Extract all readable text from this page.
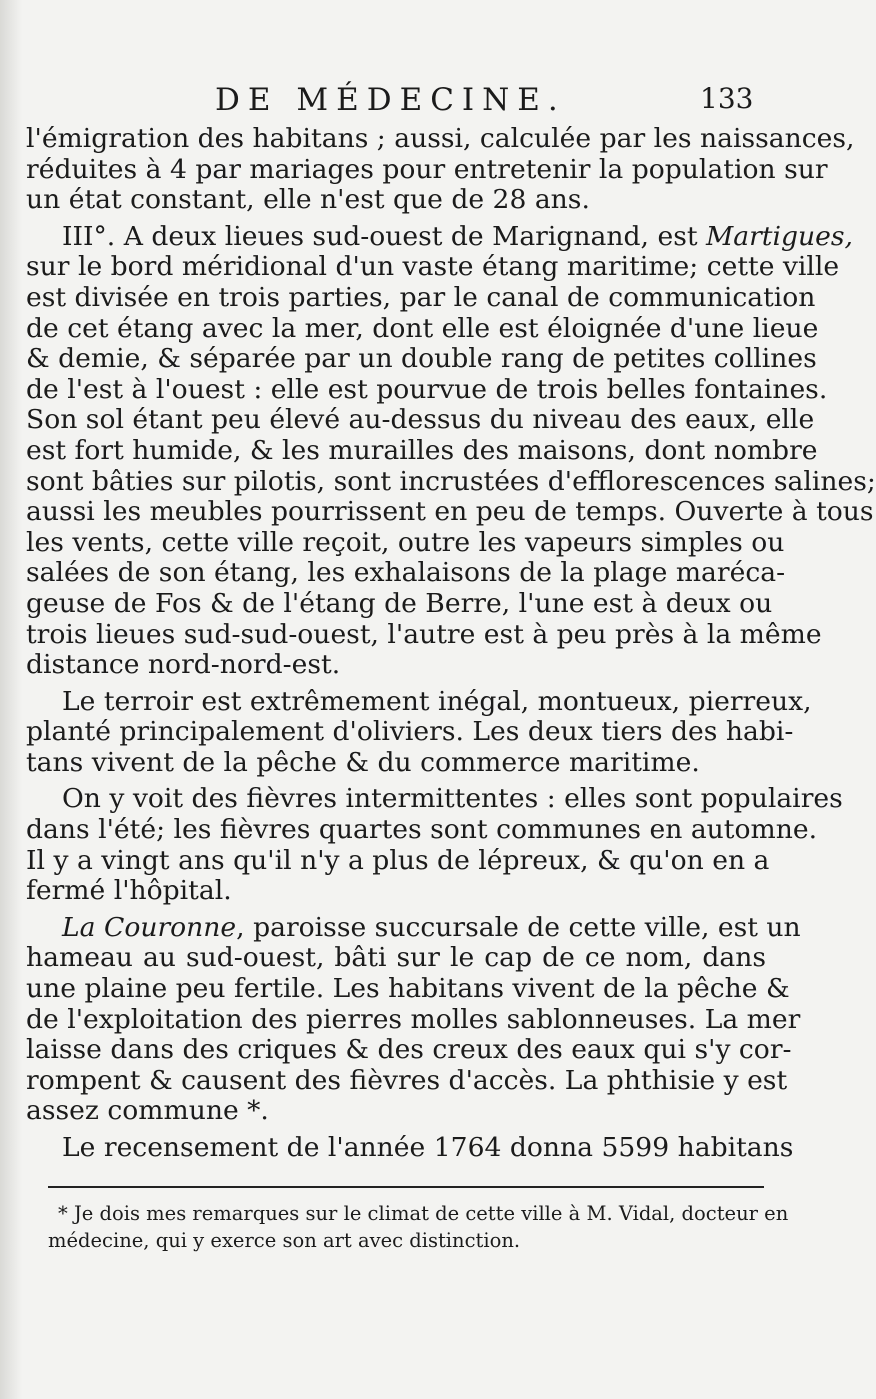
DE MÉDECINE.	133

l'émigration des habitans ; aussi, calculée par les naissances,
réduites à 4 par mariages pour entretenir la population sur
un état constant, elle n'est que de 28 ans.

III°. A deux lieues sud-ouest de Marignand, est Martigues,
sur le bord méridional d'un vaste étang maritime; cette ville
est divisée en trois parties, par le canal de communication
de cet étang avec la mer, dont elle est éloignée d'une lieue
& demie, & séparée par un double rang de petites collines
de l'est à l'ouest : elle est pourvue de trois belles fontaines.
Son sol étant peu élevé au-dessus du niveau des eaux, elle
est fort humide, & les murailles des maisons, dont nombre
sont bâties sur pilotis, sont incrustées d'efflorescences salines;
aussi les meubles pourrissent en peu de temps. Ouverte à tous
les vents, cette ville reçoit, outre les vapeurs simples ou
salées de son étang, les exhalaisons de la plage maréca-
geuse de Fos & de l'étang de Berre, l'une est à deux ou
trois lieues sud-sud-ouest, l'autre est à peu près à la même
distance nord-nord-est.

Le terroir est extrêmement inégal, montueux, pierreux,
planté principalement d'oliviers. Les deux tiers des habi-
tans vivent de la pêche & du commerce maritime.

On y voit des fièvres intermittentes : elles sont populaires
dans l'été; les fièvres quartes sont communes en automne.
Il y a vingt ans qu'il n'y a plus de lépreux, & qu'on en a
fermé l'hôpital.

La Couronne, paroisse succursale de cette ville, est un
hameau au sud-ouest, bâti sur le cap de ce nom, dans
une plaine peu fertile. Les habitans vivent de la pêche &
de l'exploitation des pierres molles sablonneuses. La mer
laisse dans des criques & des creux des eaux qui s'y cor-
rompent & causent des fièvres d'accès. La phthisie y est
assez commune *.

Le recensement de l'année 1764 donna 5599 habitans

* Je dois mes remarques sur le climat de cette ville à M. Vidal, docteur en
médecine, qui y exerce son art avec distinction.
